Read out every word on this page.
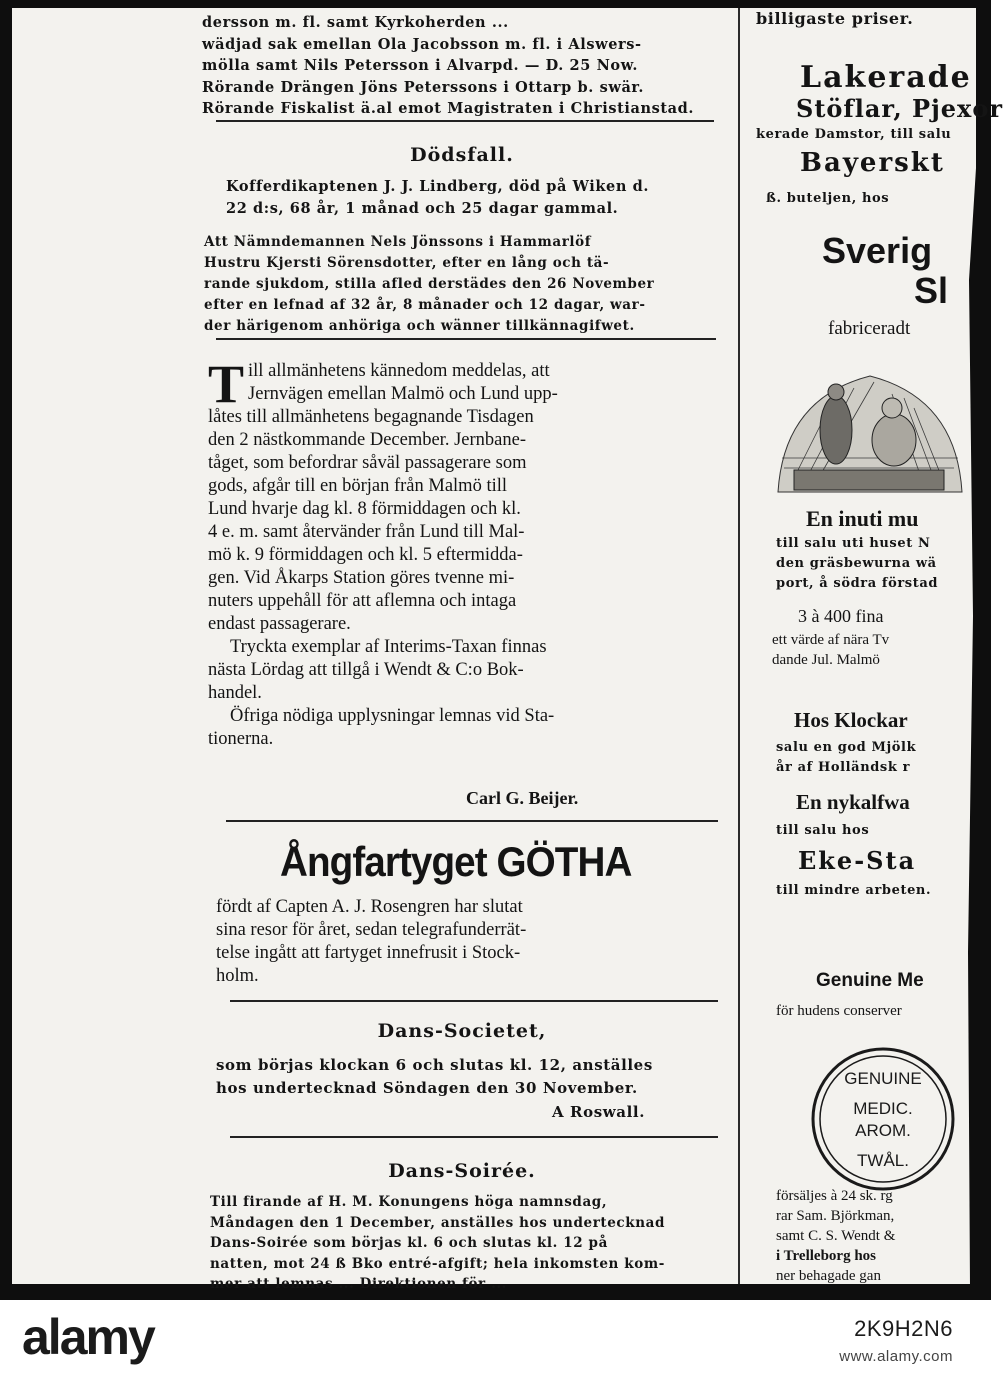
dersson m. fl. samt Kyrkoherden ...
wädjad sak emellan Ola Jacobsson m. fl. i Alswers-
mölla samt Nils Petersson i Alvarpd. — D. 25 Now.
Rörande Drängen Jöns Peterssons i Ottarp b. swär.
Rörande Fiskalist ä.al emot Magistraten i Christianstad.
Dödsfall.
Kofferdikaptenen J. J. Lindberg, död på Wiken d.
22 d:s, 68 år, 1 månad och 25 dagar gammal.
Att Nämndemannen Nels Jönssons i Hammarlöf
Hustru Kjersti Sörensdotter, efter en lång och tä-
rande sjukdom, stilla afled derstädes den 26 November
efter en lefnad af 32 år, 8 månader och 12 dagar, war-
der härigenom anhöriga och wänner tillkännagifwet.
T ill allmänhetens kännedom meddelas, att
Jernvägen emellan Malmö och Lund upp-
låtes till allmänhetens begagnande Tisdagen
den 2 nästkommande December. Jernbane-
tåget, som befordrar såväl passagerare som
gods, afgår till en början från Malmö till
Lund hvarje dag kl. 8 förmiddagen och kl.
4 e. m. samt återvänder från Lund till Mal-
mö k. 9 förmiddagen och kl. 5 eftermidda-
gen. Vid Åkarps Station göres tvenne mi-
nuters uppehåll för att aflemna och intaga
endast passagerare.
Tryckta exemplar af Interims-Taxan finnas
nästa Lördag att tillgå i Wendt & C:o Bok-
handel.
Öfriga nödiga upplysningar lemnas vid Sta-
tionerna.
Carl G. Beijer.
Ångfartyget GÖTHA
fördt af Capten A. J. Rosengren har slutat
sina resor för året, sedan telegrafunderrät-
telse ingått att fartyget innefrusit i Stock-
holm.
Dans-Societet,
som börjas klockan 6 och slutas kl. 12, anställes
hos undertecknad Söndagen den 30 November.
A Roswall.
Dans-Soirée.
Till firande af H. M. Konungens höga namnsdag,
Måndagen den 1 December, anställes hos undertecknad
Dans-Soirée som börjas kl. 6 och slutas kl. 12 på
natten, mot 24 ß Bko entré-afgift; hela inkomsten kom-
mer att lemnas ... Direktionen för ...
billigaste priser.
Lakerade
Stöflar, Pjexor
kerade Damstor, till salu
Bayerskt
ß. buteljen, hos
Sverig
Sl
fabriceradt
En inuti mu
till salu uti huset N
den gräsbewurna wä
port, å södra förstad
3 à 400 fina
ett värde af nära Tv
dande Jul. Malmö
Hos Klockar
salu en god Mjölk
år af Holländsk r
En nykalfwa
till salu hos
Eke-Sta
till mindre arbeten.
Genuine Me
för hudens conserver
försäljes à 24 sk. rg
rar Sam. Björkman,
samt C. S. Wendt &
i Trelleborg hos
ner behagade gan
GENUINE
MEDIC.
AROM.
TWÅL.
alamy	2K9H2N6
www.alamy.com
